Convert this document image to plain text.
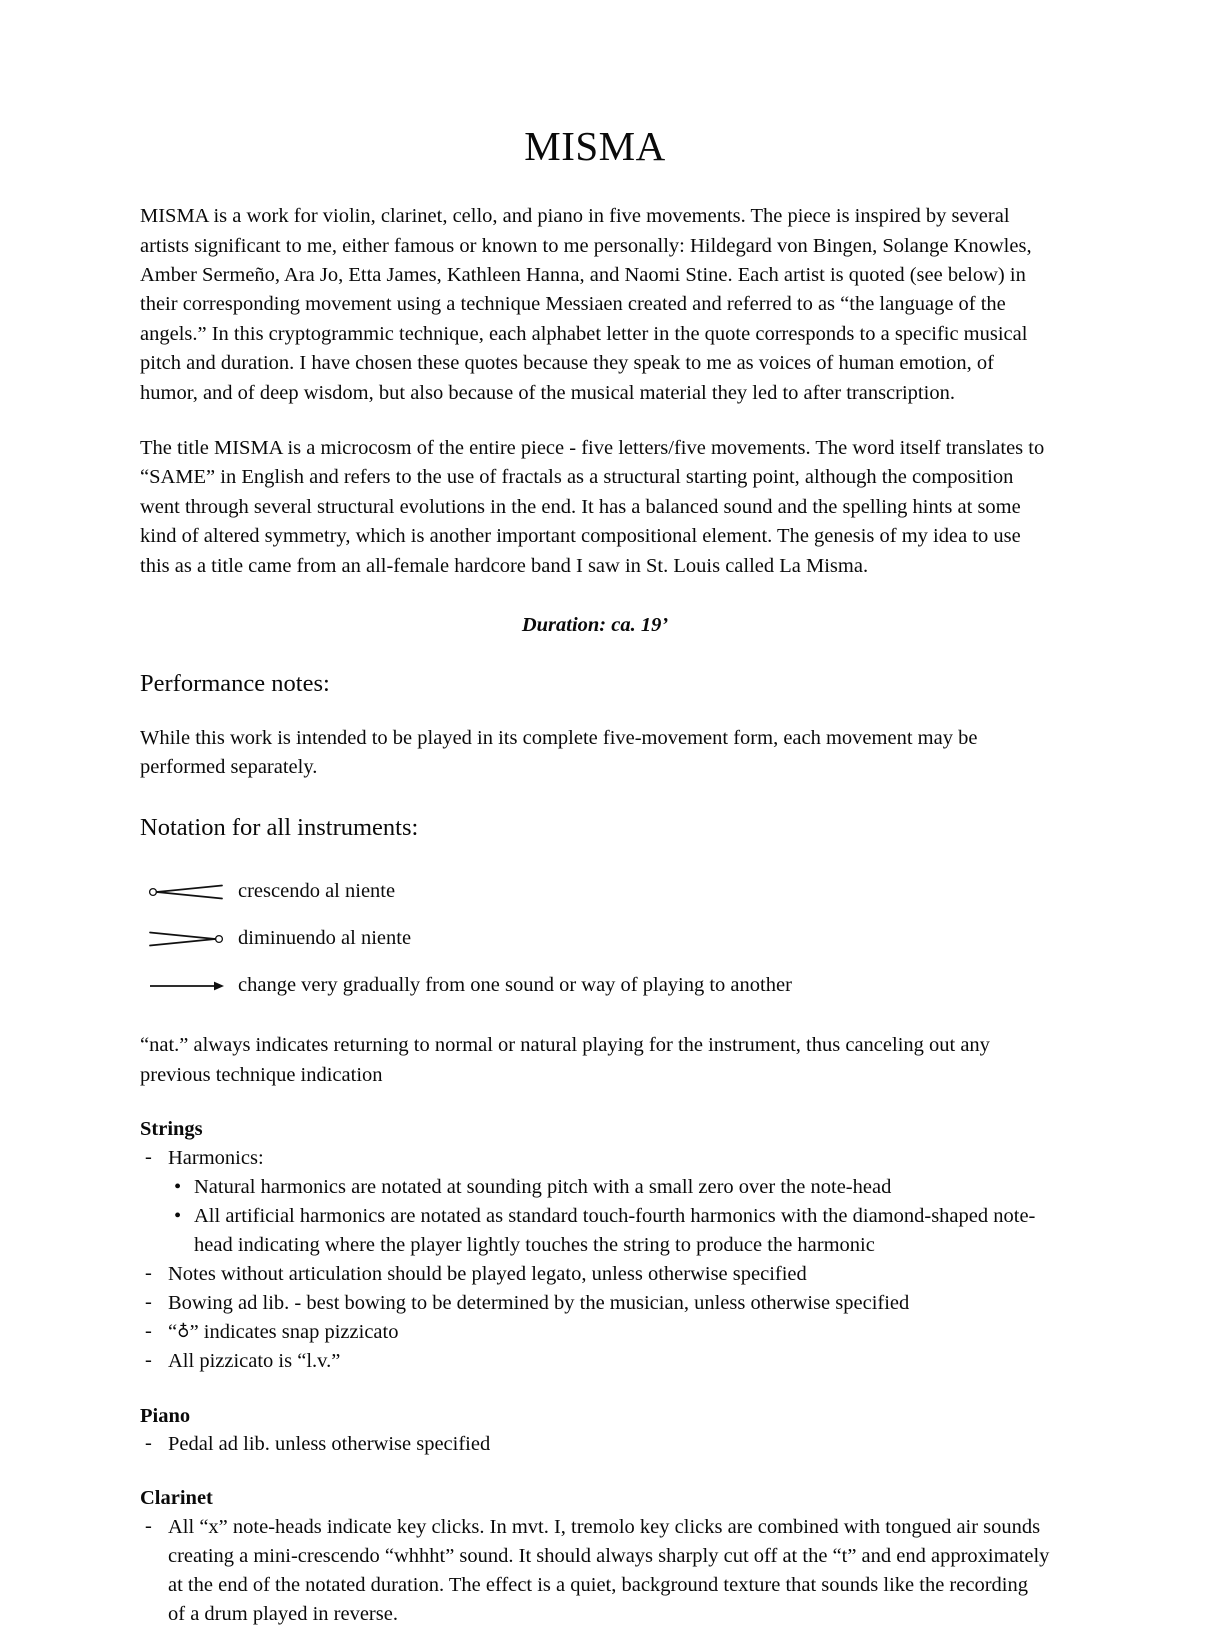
MISMA

MISMA is a work for violin, clarinet, cello, and piano in five movements. The piece is inspired by several artists significant to me, either famous or known to me personally: Hildegard von Bingen, Solange Knowles, Amber Sermeño, Ara Jo, Etta James, Kathleen Hanna, and Naomi Stine. Each artist is quoted (see below) in their corresponding movement using a technique Messiaen created and referred to as “the language of the angels.” In this cryptogrammic technique, each alphabet letter in the quote corresponds to a specific musical pitch and duration. I have chosen these quotes because they speak to me as voices of human emotion, of humor, and of deep wisdom, but also because of the musical material they led to after transcription.

The title MISMA is a microcosm of the entire piece - five letters/five movements. The word itself translates to “SAME” in English and refers to the use of fractals as a structural starting point, although the composition went through several structural evolutions in the end. It has a balanced sound and the spelling hints at some kind of altered symmetry, which is another important compositional element. The genesis of my idea to use this as a title came from an all-female hardcore band I saw in St. Louis called La Misma.

Duration: ca. 19’
Performance notes:

While this work is intended to be played in its complete five-movement form, each movement may be performed separately.

Notation for all instruments:
crescendo al niente
diminuendo al niente
change very gradually from one sound or way of playing to another

“nat.” always indicates returning to normal or natural playing for the instrument, thus canceling out any previous technique indication

Strings
- Harmonics:
• Natural harmonics are notated at sounding pitch with a small zero over the note-head
• All artificial harmonics are notated as standard touch-fourth harmonics with the diamond-shaped note-head indicating where the player lightly touches the string to produce the harmonic
- Notes without articulation should be played legato, unless otherwise specified
- Bowing ad lib. - best bowing to be determined by the musician, unless otherwise specified
- “♁” indicates snap pizzicato
- All pizzicato is “l.v.”
Piano
- Pedal ad lib. unless otherwise specified
Clarinet
- All “x” note-heads indicate key clicks. In mvt. I, tremolo key clicks are combined with tongued air sounds creating a mini-crescendo “whhht” sound. It should always sharply cut off at the “t” and end approximately at the end of the notated duration. The effect is a quiet, background texture that sounds like the recording of a drum played in reverse.
